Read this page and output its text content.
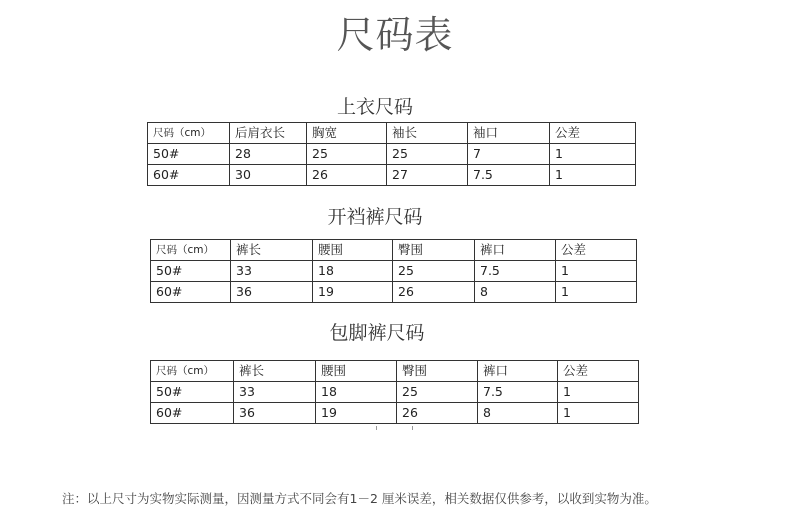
尺码表
上衣尺码
尺码（cm）	后肩衣长	胸宽	袖长	袖口	公差
50#	28	25	25	7	1
60#	30	26	27	7.5	1
开裆裤尺码
尺码（cm）	裤长	腰围	臀围	裤口	公差
50#	33	18	25	7.5	1
60#	36	19	26	8	1
包脚裤尺码
尺码（cm）	裤长	腰围	臀围	裤口	公差
50#	33	18	25	7.5	1
60#	36	19	26	8	1
注：以上尺寸为实物实际测量，因测量方式不同会有1－2 厘米误差，相关数据仅供参考，以收到实物为准。
